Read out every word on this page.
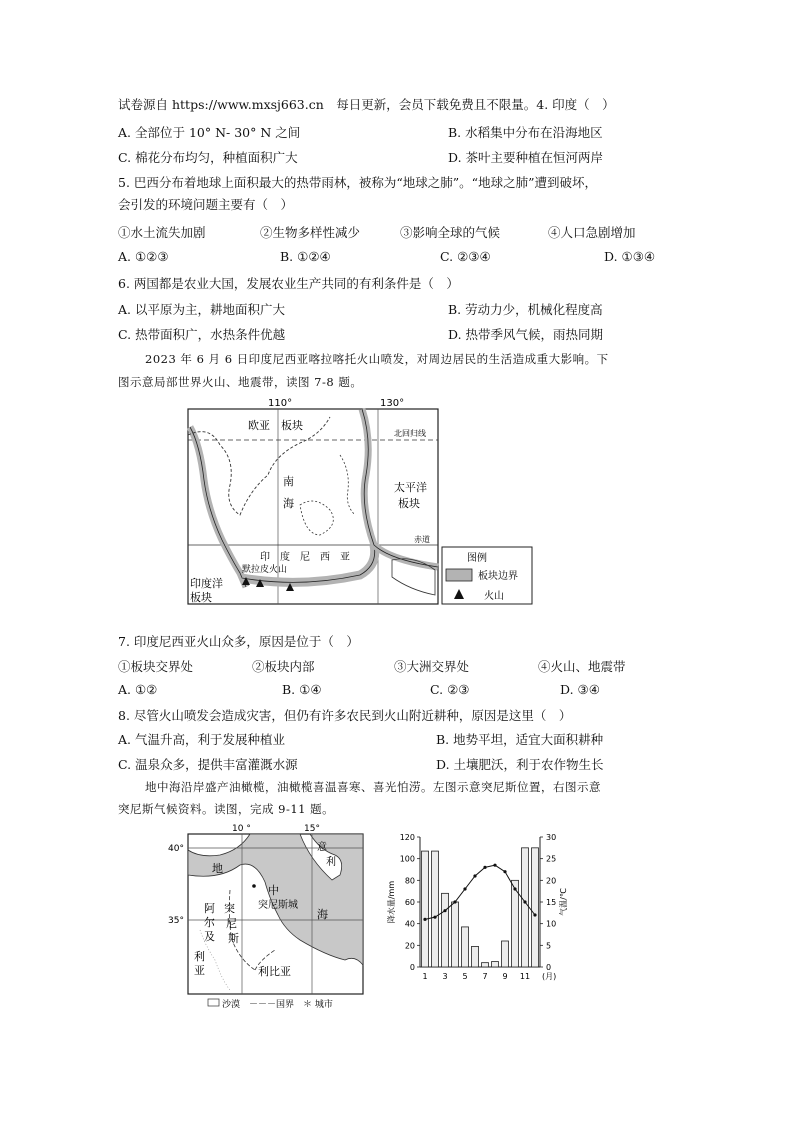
试卷源自 https://www.mxsj663.cn　每日更新，会员下载免费且不限量。4. 印度（　）
A. 全部位于 10° N- 30° N 之间	B. 水稻集中分布在沿海地区
C. 棉花分布均匀，种植面积广大	D. 茶叶主要种植在恒河两岸
5. 巴西分布着地球上面积最大的热带雨林，被称为“地球之肺”。“地球之肺”遭到破坏，
会引发的环境问题主要有（　）
①水土流失加剧	②生物多样性减少	③影响全球的气候	④人口急剧增加
A. ①②③	B. ①②④	C. ②③④	D. ①③④
6. 两国都是农业大国，发展农业生产共同的有利条件是（　）
A. 以平原为主，耕地面积广大	B. 劳动力少，机械化程度高
C. 热带面积广，水热条件优越	D. 热带季风气候，雨热同期
2023 年 6 月 6 日印度尼西亚喀拉喀托火山喷发，对周边居民的生活造成重大影响。下
图示意局部世界火山、地震带，读图 7-8 题。
110°	130°
欧亚　板块
北回归线
太平洋
板块
南
海
赤道
印　度　尼　西　亚
默拉皮火山
印度洋
板块
图例
板块边界
火山
7. 印度尼西亚火山众多，原因是位于（　）
①板块交界处	②板块内部	③大洲交界处	④火山、地震带
A. ①②	B. ①④	C. ②③	D. ③④
8. 尽管火山喷发会造成灾害，但仍有许多农民到火山附近耕种，原因是这里（　）
A. 气温升高，利于发展种植业	B. 地势平坦，适宜大面积耕种
C. 温泉众多，提供丰富灌溉水源	D. 土壤肥沃，利于农作物生长
地中海沿岸盛产油橄榄，油橄榄喜温喜寒、喜光怕涝。左图示意突尼斯位置，右图示意
突尼斯气候资料。读图，完成 9-11 题。
10 °	15°
40°
35°
意
利
地
中
突尼斯城
海
阿
尔
及
利
亚
突
尼
斯
利比亚
沙漠　－－－国界　＊ 城市
0
20
40
60
80
100
120
0
5
10
15
20
25
30
1 3 5 7 9 11 (月)
降水量/mm	气温/℃
